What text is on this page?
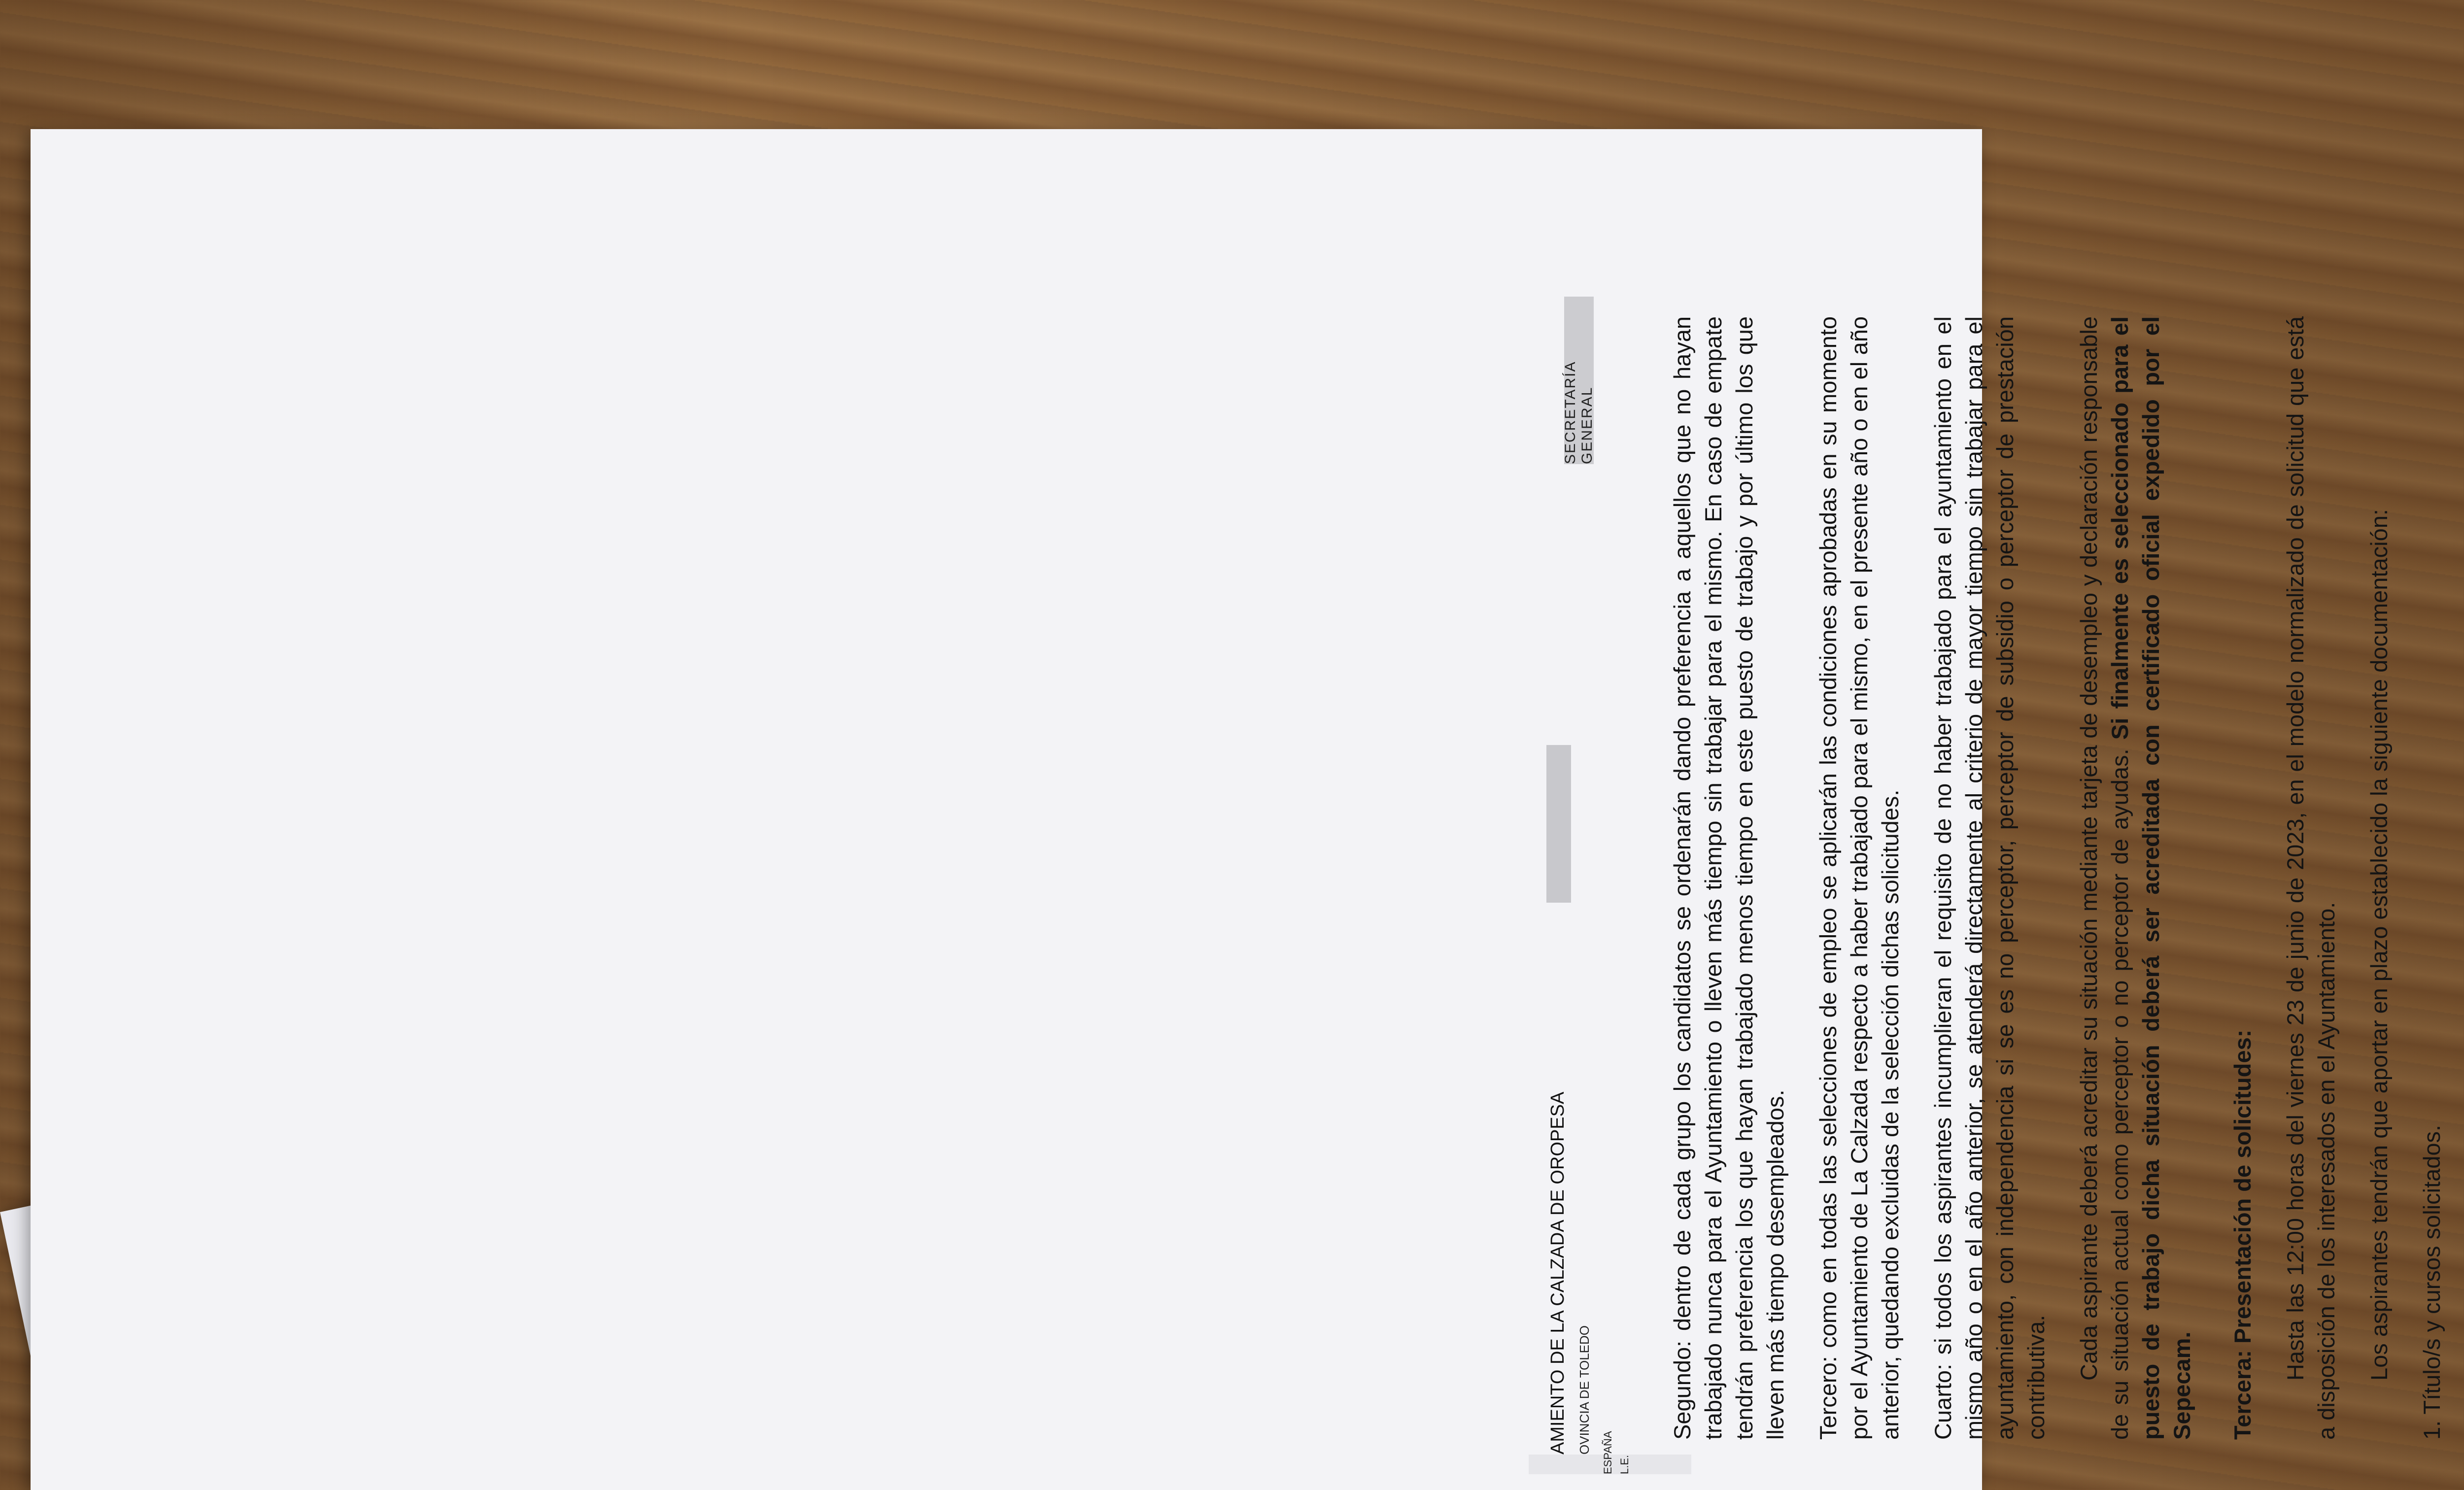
SECRETARÍA GENERAL
AMIENTO DE LA CALZADA DE OROPESA OVINCIA DE TOLEDO ESPAÑA L.E.

Segundo: dentro de cada grupo los candidatos se ordenarán dando preferencia a aquellos que no hayan trabajado nunca para el Ayuntamiento o lleven más tiempo sin trabajar para el mismo. En caso de empate tendrán preferencia los que hayan trabajado menos tiempo en este puesto de trabajo y por último los que lleven más tiempo desempleados. Tercero: como en todas las selecciones de empleo se aplicarán las condiciones aprobadas en su momento por el Ayuntamiento de La Calzada respecto a haber trabajado para el mismo, en el presente año o en el año anterior, quedando excluidas de la selección dichas solicitudes. Cuarto: si todos los aspirantes incumplieran el requisito de no haber trabajado para el ayuntamiento en el mismo año o en el año anterior, se atenderá directamente al criterio de mayor tiempo sin trabajar para el ayuntamiento, con independencia si se es no perceptor, perceptor de subsidio o perceptor de prestación contributiva. Cada aspirante deberá acreditar su situación mediante tarjeta de desempleo y declaración responsable de su situación actual como perceptor o no perceptor de ayudas. Si finalmente es seleccionado para el puesto de trabajo dicha situación deberá ser acreditada con certificado oficial expedido por el Sepecam. Tercera: Presentación de solicitudes: Hasta las 12:00 horas del viernes 23 de junio de 2023, en el modelo normalizado de solicitud que está a disposición de los interesados en el Ayuntamiento. Los aspirantes tendrán que aportar en plazo establecido la siguiente documentación: 1. Título/s y cursos solicitados.
